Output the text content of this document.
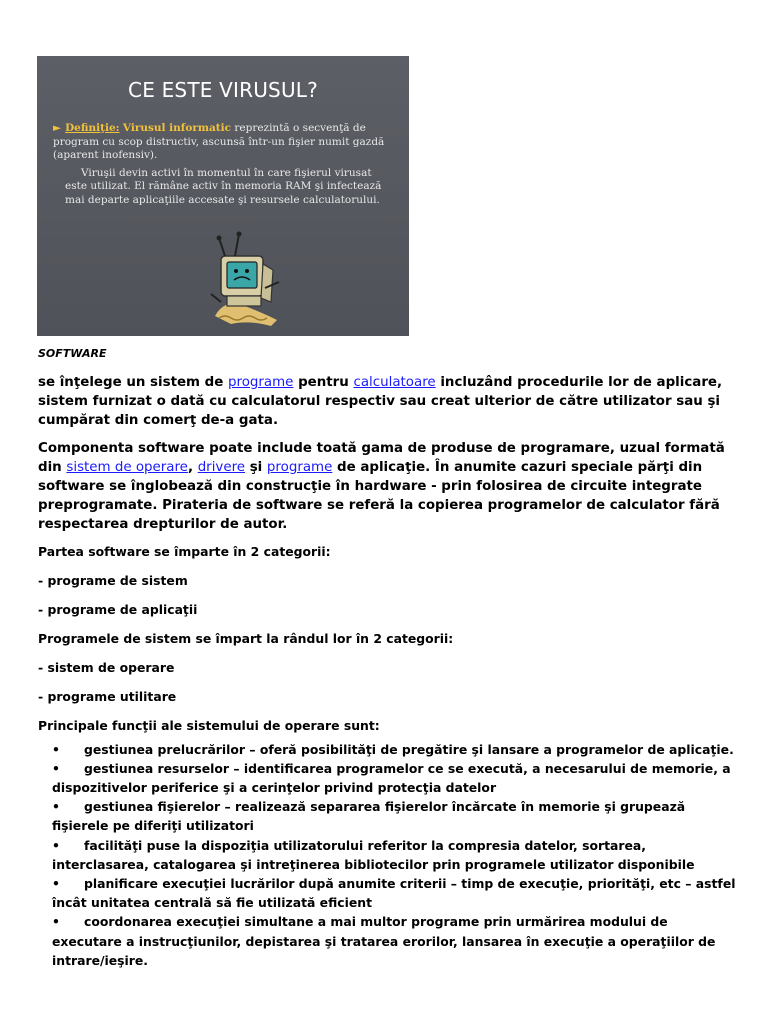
CE ESTE VIRUSUL?

► Definiţie: Virusul informatic reprezintă o secvenţă de program cu scop distructiv, ascunsă într-un fişier numit gazdă (aparent inofensiv).

Viruşii devin activi în momentul în care fişierul virusat este utilizat. El rămâne activ în memoria RAM şi infectează mai departe aplicaţiile accesate şi resursele calculatorului.

SOFTWARE

se înţelege un sistem de programe pentru calculatoare incluzând procedurile lor de aplicare, sistem furnizat o dată cu calculatorul respectiv sau creat ulterior de către utilizator sau şi cumpărat din comerţ de-a gata.

Componenta software poate include toată gama de produse de programare, uzual formată din sistem de operare, drivere şi programe de aplicaţie. În anumite cazuri speciale părţi din software se înglobează din construcţie în hardware - prin folosirea de circuite integrate preprogramate. Pirateria de software se referă la copierea programelor de calculator fără respectarea drepturilor de autor.

Partea software se împarte în 2 categorii:

- programe de sistem

- programe de aplicaţii

Programele de sistem se împart la rândul lor în 2 categorii:

- sistem de operare

- programe utilitare

Principale funcţii ale sistemului de operare sunt:

• gestiunea prelucrărilor – oferă posibilităţi de pregătire şi lansare a programelor de aplicaţie.

• gestiunea resurselor – identificarea programelor ce se execută, a necesarului de memorie, a dispozitivelor periferice şi a cerinţelor privind protecţia datelor

• gestiunea fişierelor – realizează separarea fişierelor încărcate în memorie şi grupează fişierele pe diferiţi utilizatori

• facilităţi puse la dispoziţia utilizatorului referitor la compresia datelor, sortarea, interclasarea, catalogarea şi intreţinerea bibliotecilor prin programele utilizator disponibile

• planificare execuţiei lucrărilor după anumite criterii – timp de execuţie, priorităţi, etc – astfel încât unitatea centrală să fie utilizată eficient

• coordonarea execuţiei simultane a mai multor programe prin urmărirea modului de executare a instrucţiunilor, depistarea şi tratarea erorilor, lansarea în execuţie a operaţiilor de intrare/ieşire.
